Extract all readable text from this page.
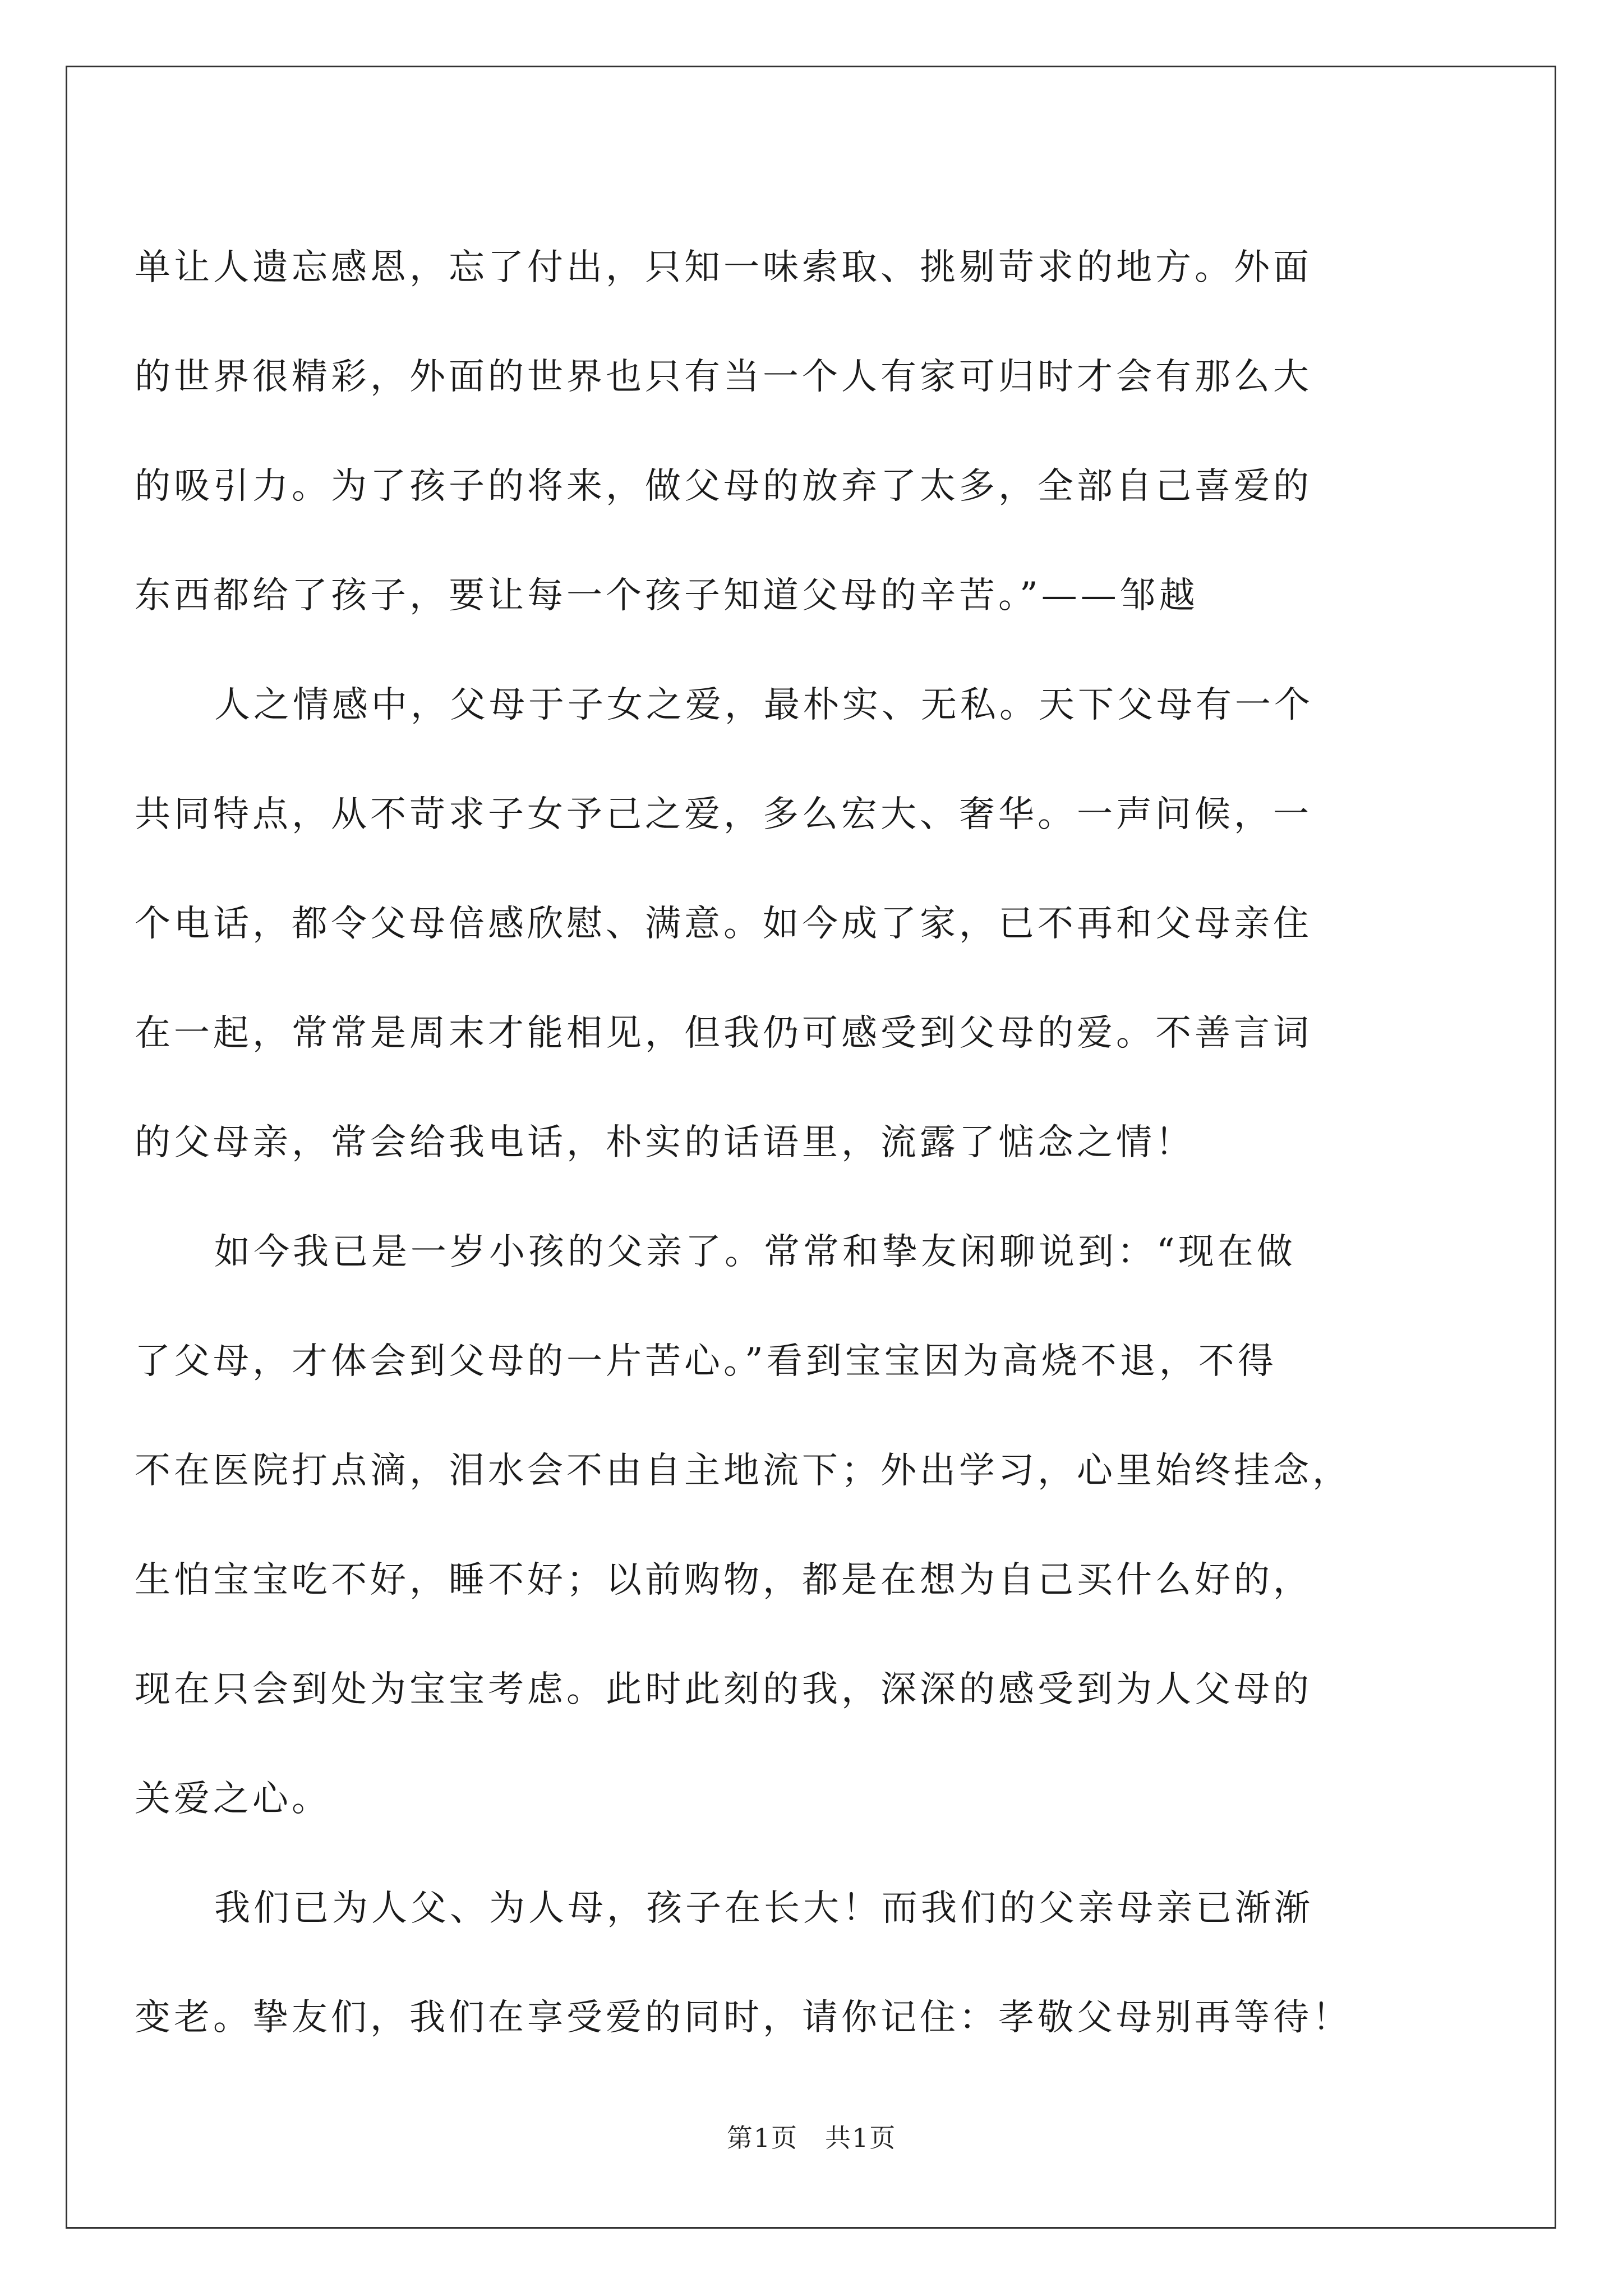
单让人遗忘感恩，忘了付出，只知一味索取、挑剔苛求的地方。外面
的世界很精彩，外面的世界也只有当一个人有家可归时才会有那么大
的吸引力。为了孩子的将来，做父母的放弃了太多，全部自己喜爱的
东西都给了孩子，要让每一个孩子知道父母的辛苦。”——邹越
人之情感中，父母于子女之爱，最朴实、无私。天下父母有一个
共同特点，从不苛求子女予己之爱，多么宏大、奢华。一声问候，一
个电话，都令父母倍感欣慰、满意。如今成了家，已不再和父母亲住
在一起，常常是周末才能相见，但我仍可感受到父母的爱。不善言词
的父母亲，常会给我电话，朴实的话语里，流露了惦念之情！
如今我已是一岁小孩的父亲了。常常和挚友闲聊说到：“现在做
了父母，才体会到父母的一片苦心。”看到宝宝因为高烧不退，不得
不在医院打点滴，泪水会不由自主地流下；外出学习，心里始终挂念，
生怕宝宝吃不好，睡不好；以前购物，都是在想为自己买什么好的，
现在只会到处为宝宝考虑。此时此刻的我，深深的感受到为人父母的
关爱之心。
我们已为人父、为人母，孩子在长大！而我们的父亲母亲已渐渐
变老。挚友们，我们在享受爱的同时，请你记住：孝敬父母别再等待！
第1页　共1页
